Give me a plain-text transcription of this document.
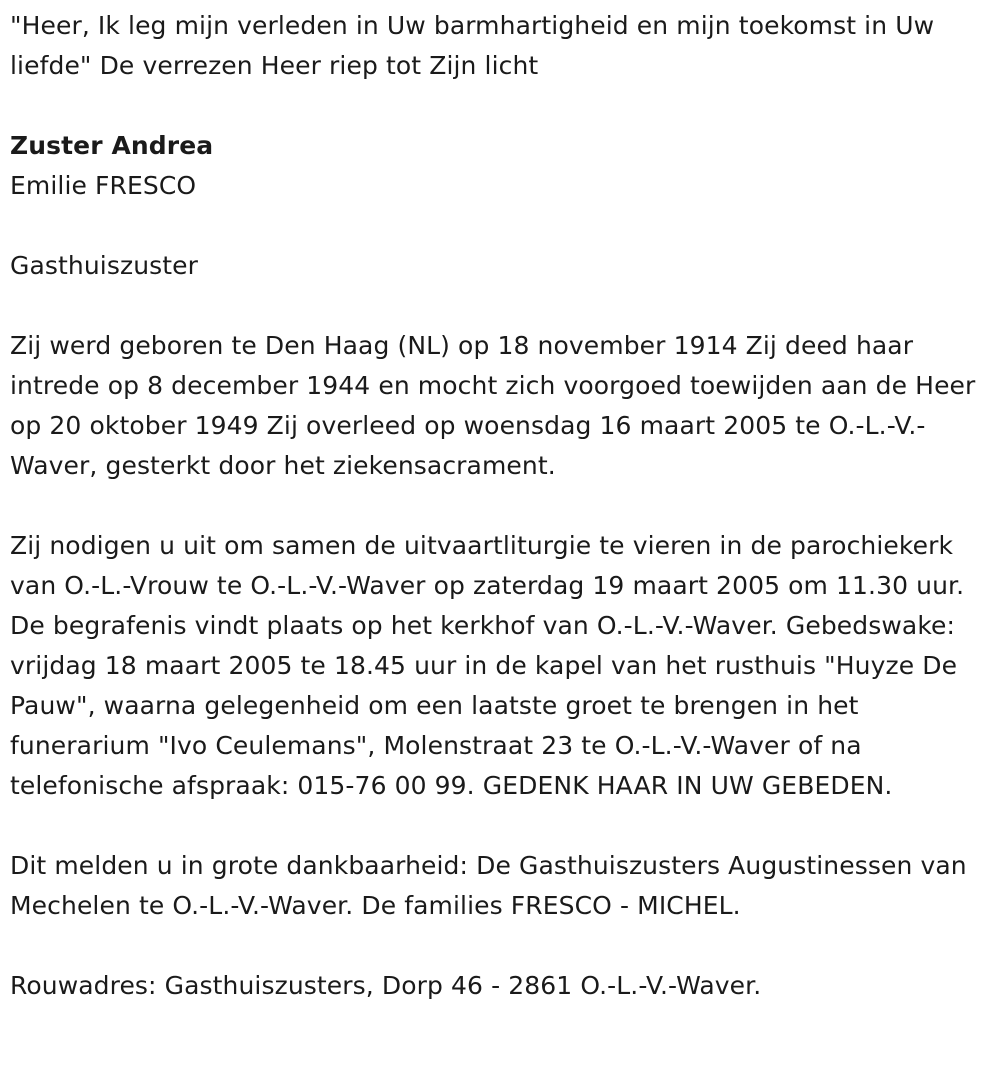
"Heer, Ik leg mijn verleden in Uw barmhartigheid en mijn toekomst in Uw liefde" De verrezen Heer riep tot Zijn licht

Zuster Andrea

Emilie FRESCO

Gasthuiszuster

Zij werd geboren te Den Haag (NL) op 18 november 1914 Zij deed haar intrede op 8 december 1944 en mocht zich voorgoed toewijden aan de Heer op 20 oktober 1949 Zij overleed op woensdag 16 maart 2005 te O.-L.-V.-Waver, gesterkt door het ziekensacrament.

Zij nodigen u uit om samen de uitvaartliturgie te vieren in de parochiekerk van O.-L.-Vrouw te O.-L.-V.-Waver op zaterdag 19 maart 2005 om 11.30 uur. De begrafenis vindt plaats op het kerkhof van O.-L.-V.-Waver. Gebedswake: vrijdag 18 maart 2005 te 18.45 uur in de kapel van het rusthuis "Huyze De Pauw", waarna gelegenheid om een laatste groet te brengen in het funerarium "Ivo Ceulemans", Molenstraat 23 te O.-L.-V.-Waver of na telefonische afspraak: 015-76 00 99. GEDENK HAAR IN UW GEBEDEN.

Dit melden u in grote dankbaarheid: De Gasthuiszusters Augustinessen van Mechelen te O.-L.-V.-Waver. De families FRESCO - MICHEL.

Rouwadres: Gasthuiszusters, Dorp 46 - 2861 O.-L.-V.-Waver.
